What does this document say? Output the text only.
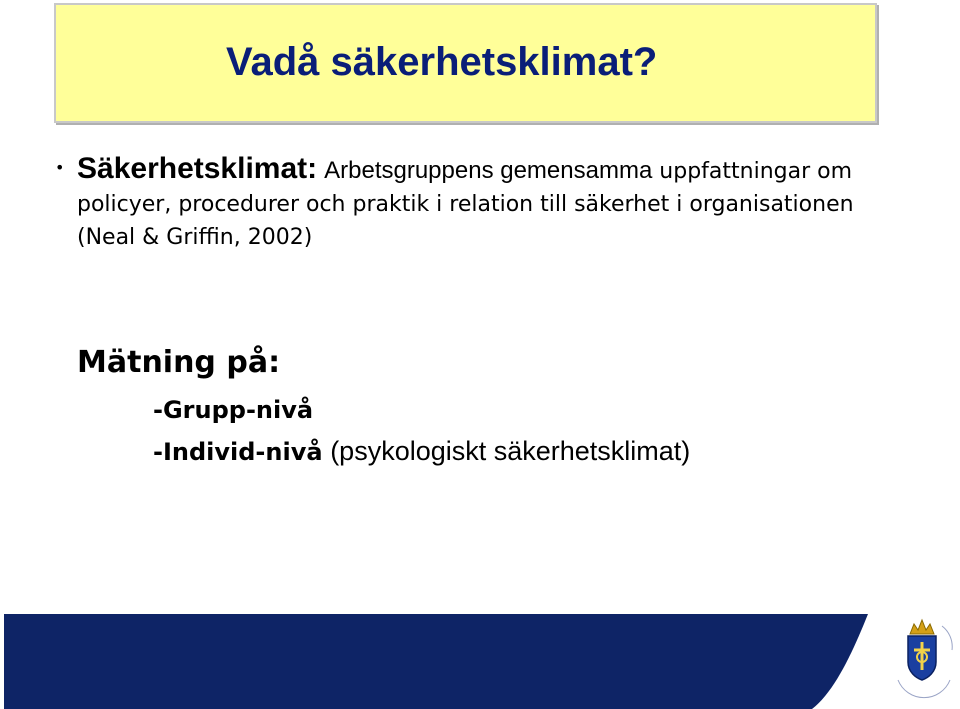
Vadå säkerhetsklimat?
• Säkerhetsklimat: Arbetsgruppens gemensamma uppfattningar om policyer, procedurer och praktik i relation till säkerhet i organisationen (Neal & Griffin, 2002)
Mätning på:
-Grupp-nivå
-Individ-nivå (psykologiskt säkerhetsklimat)
